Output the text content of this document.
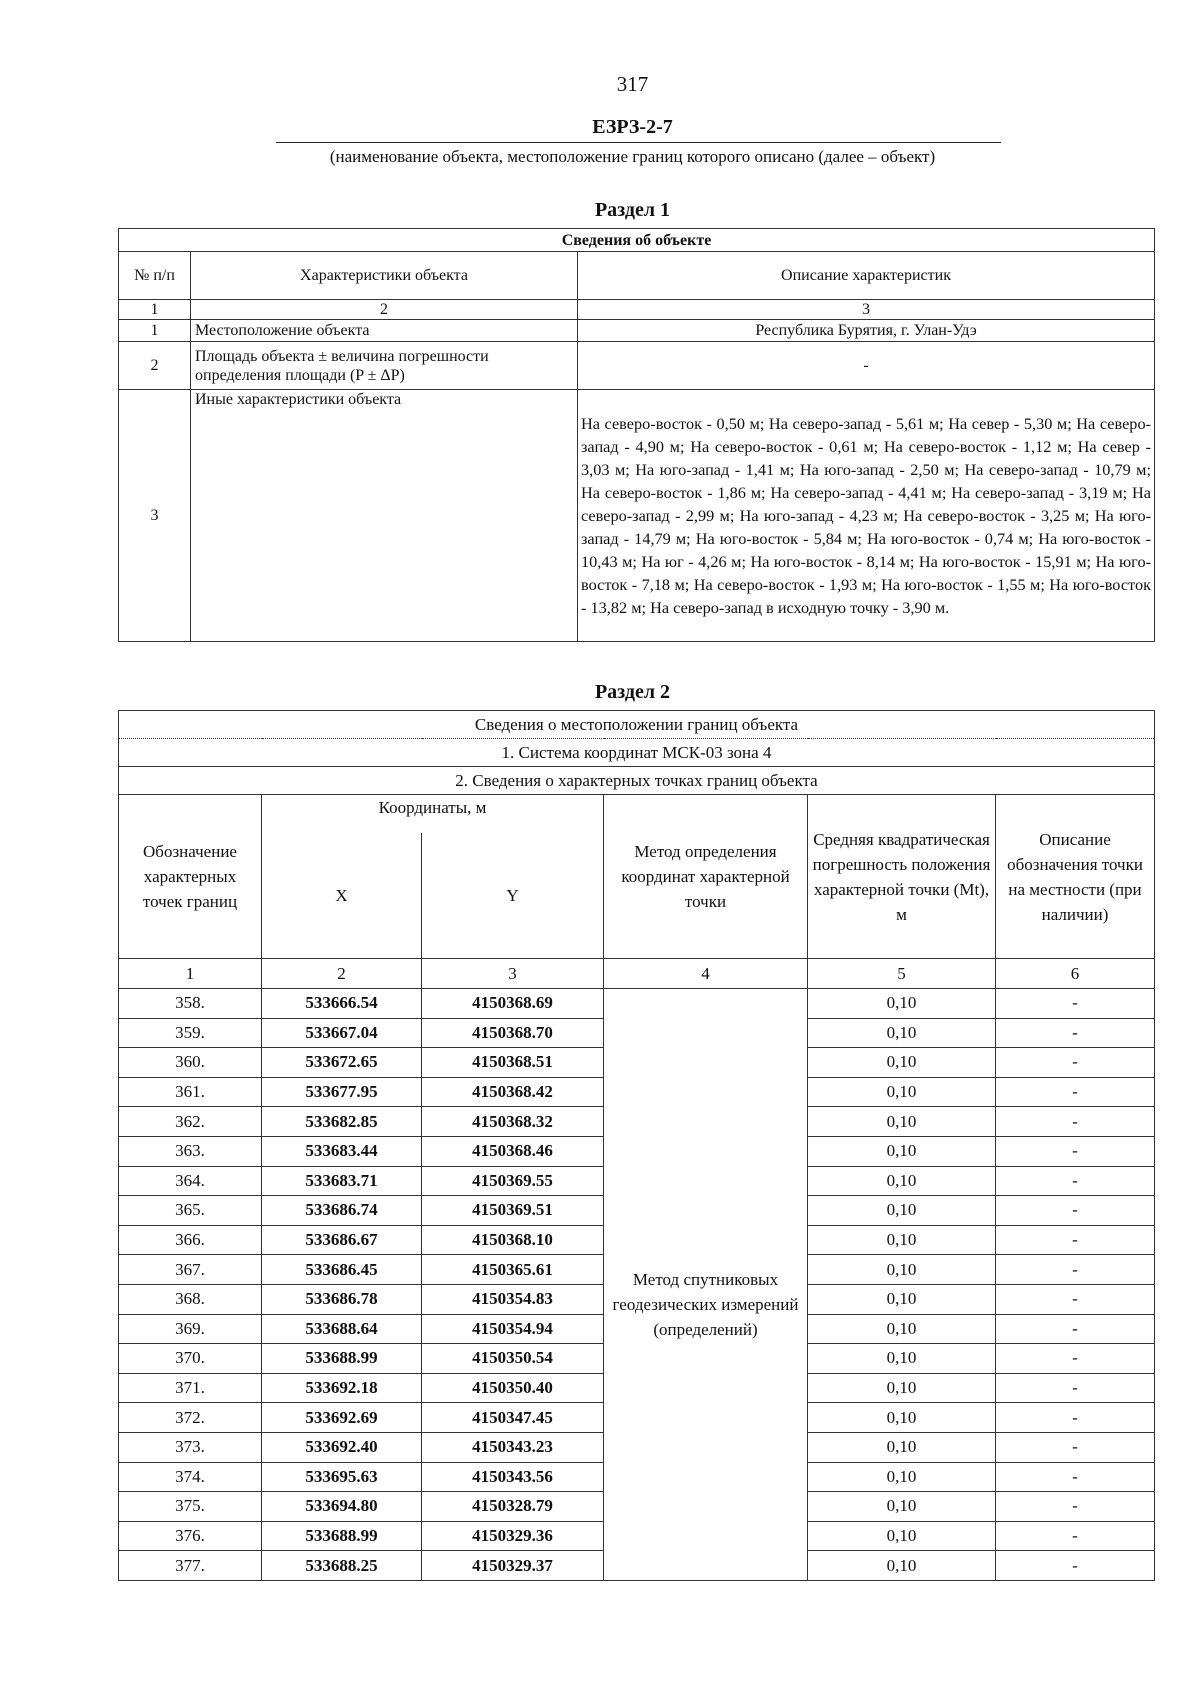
317
ЕЗРЗ-2-7
(наименование объекта, местоположение границ которого описано (далее – объект)
Раздел 1
Сведения об объекте		
№ п/п	Характеристики объекта	Описание характеристик
1	2	3
1	Местоположение объекта	Республика Бурятия, г. Улан-Удэ
2	Площадь объекта ± величина погрешности определения площади (P ± ΔP)	-
3	Иные характеристики объекта	На северо-восток - 0,50 м; На северо-запад - 5,61 м; На север - 5,30 м; На северо-запад - 4,90 м; На северо-восток - 0,61 м; На северо-восток - 1,12 м; На север - 3,03 м; На юго-запад - 1,41 м; На юго-запад - 2,50 м; На северо-запад - 10,79 м; На северо-восток - 1,86 м; На северо-запад - 4,41 м; На северо-запад - 3,19 м; На северо-запад - 2,99 м; На юго-запад - 4,23 м; На северо-восток - 3,25 м; На юго-запад - 14,79 м; На юго-восток - 5,84 м; На юго-восток - 0,74 м; На юго-восток - 10,43 м; На юг - 4,26 м; На юго-восток - 8,14 м; На юго-восток - 15,91 м; На юго-восток - 7,18 м; На северо-восток - 1,93 м; На юго-восток - 1,55 м; На юго-восток - 13,82 м; На северо-запад в исходную точку - 3,90 м.
Раздел 2
Сведения о местоположении границ объекта					
1. Система координат МСК-03 зона 4					
2. Сведения о характерных точках границ объекта					
Обозначение характерных точек границ	Координаты, м		Метод определения координат характерной точки	Средняя квадратическая погрешность положения характерной точки (Mt), м	Описание обозначения точки на местности (при наличии)
	X	Y			
1	2	3	4	5	6
358.	533666.54	4150368.69	Метод спутниковых геодезических измерений (определений)	0,10	-
359.	533667.04	4150368.70		0,10	-
360.	533672.65	4150368.51		0,10	-
361.	533677.95	4150368.42		0,10	-
362.	533682.85	4150368.32		0,10	-
363.	533683.44	4150368.46		0,10	-
364.	533683.71	4150369.55		0,10	-
365.	533686.74	4150369.51		0,10	-
366.	533686.67	4150368.10		0,10	-
367.	533686.45	4150365.61		0,10	-
368.	533686.78	4150354.83		0,10	-
369.	533688.64	4150354.94		0,10	-
370.	533688.99	4150350.54		0,10	-
371.	533692.18	4150350.40		0,10	-
372.	533692.69	4150347.45		0,10	-
373.	533692.40	4150343.23		0,10	-
374.	533695.63	4150343.56		0,10	-
375.	533694.80	4150328.79		0,10	-
376.	533688.99	4150329.36		0,10	-
377.	533688.25	4150329.37		0,10	-
